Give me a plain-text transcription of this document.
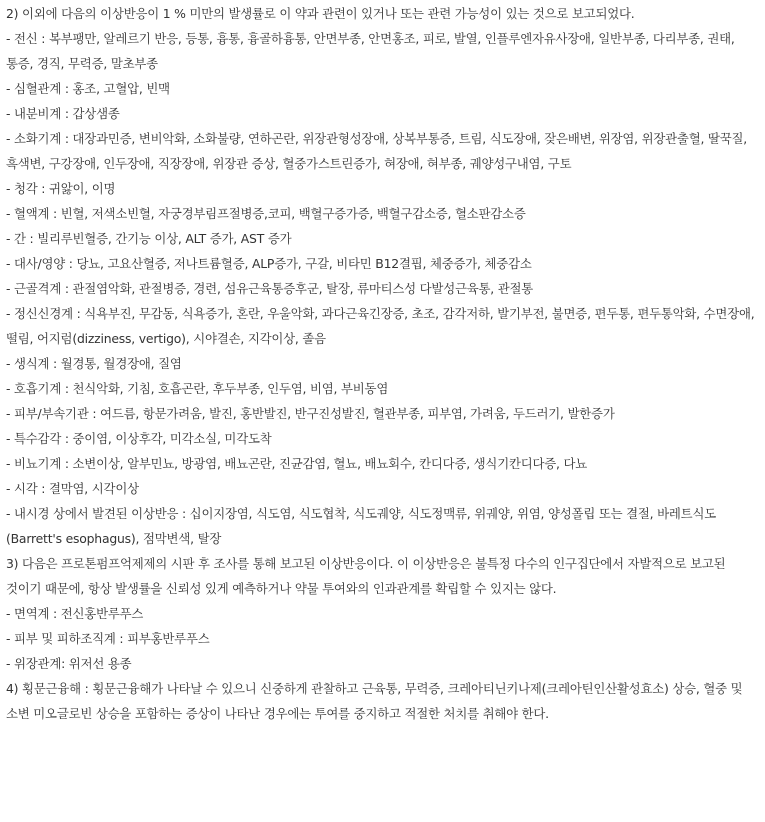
2) 이외에 다음의 이상반응이 1 % 미만의 발생률로 이 약과 관련이 있거나 또는 관련 가능성이 있는 것으로 보고되었다.

- 전신 : 복부팽만, 알레르기 반응, 등통, 흉통, 흉골하흉통, 안면부종, 안면홍조, 피로, 발열, 인플루엔자유사장애, 일반부종, 다리부종, 권태, 통증, 경직, 무력증, 말초부종

- 심혈관계 : 홍조, 고혈압, 빈맥

- 내분비계 : 갑상샘종

- 소화기계 : 대장과민증, 변비악화, 소화불량, 연하곤란, 위장관형성장애, 상복부통증, 트림, 식도장애, 잦은배변, 위장염, 위장관출혈, 딸꾹질, 흑색변, 구강장애, 인두장애, 직장장애, 위장관 증상, 혈중가스트린증가, 혀장애, 혀부종, 궤양성구내염, 구토

- 청각 : 귀앓이, 이명

- 혈액계 : 빈혈, 저색소빈혈, 자궁경부림프절병증,코피, 백혈구증가증, 백혈구감소증, 혈소판감소증

- 간 : 빌리루빈혈증, 간기능 이상, ALT 증가, AST 증가

- 대사/영양 : 당뇨, 고요산혈증, 저나트륨혈증, ALP증가, 구갈, 비타민 B12결핍, 체중증가, 체중감소

- 근골격계 : 관절염악화, 관절병증, 경련, 섬유근육통증후군, 탈장, 류마티스성 다발성근육통, 관절통

- 정신신경계 : 식욕부진, 무감동, 식욕증가, 혼란, 우울악화, 과다근육긴장증, 초조, 감각저하, 발기부전, 불면증, 편두통, 편두통악화, 수면장애, 떨림, 어지럼(dizziness, vertigo), 시야결손, 지각이상, 졸음

- 생식계 : 월경통, 월경장애, 질염

- 호흡기계 : 천식악화, 기침, 호흡곤란, 후두부종, 인두염, 비염, 부비동염

- 피부/부속기관 : 여드름, 항문가려움, 발진, 홍반발진, 반구진성발진, 혈관부종, 피부염, 가려움, 두드러기, 발한증가

- 특수감각 : 중이염, 이상후각, 미각소실, 미각도착

- 비뇨기계 : 소변이상, 알부민뇨, 방광염, 배뇨곤란, 진균감염, 혈뇨, 배뇨회수, 칸디다증, 생식기칸디다증, 다뇨

- 시각 : 결막염, 시각이상

- 내시경 상에서 발견된 이상반응 : 십이지장염, 식도염, 식도협착, 식도궤양, 식도정맥류, 위궤양, 위염, 양성폴립 또는 결절, 바레트식도(Barrett's esophagus), 점막변색, 탈장

3) 다음은 프로톤펌프억제제의 시판 후 조사를 통해 보고된 이상반응이다. 이 이상반응은 불특정 다수의 인구집단에서 자발적으로 보고된 것이기 때문에, 항상 발생률을 신뢰성 있게 예측하거나 약물 투여와의 인과관계를 확립할 수 있지는 않다.

- 면역계 : 전신홍반루푸스

- 피부 및 피하조직계 : 피부홍반루푸스

- 위장관계: 위저선 용종

4) 횡문근융해 : 횡문근융해가 나타날 수 있으니 신중하게 관찰하고 근육통, 무력증, 크레아티닌키나제(크레아틴인산활성효소) 상승, 혈중 및 소변 미오글로빈 상승을 포함하는 증상이 나타난 경우에는 투여를 중지하고 적절한 처치를 취해야 한다.
